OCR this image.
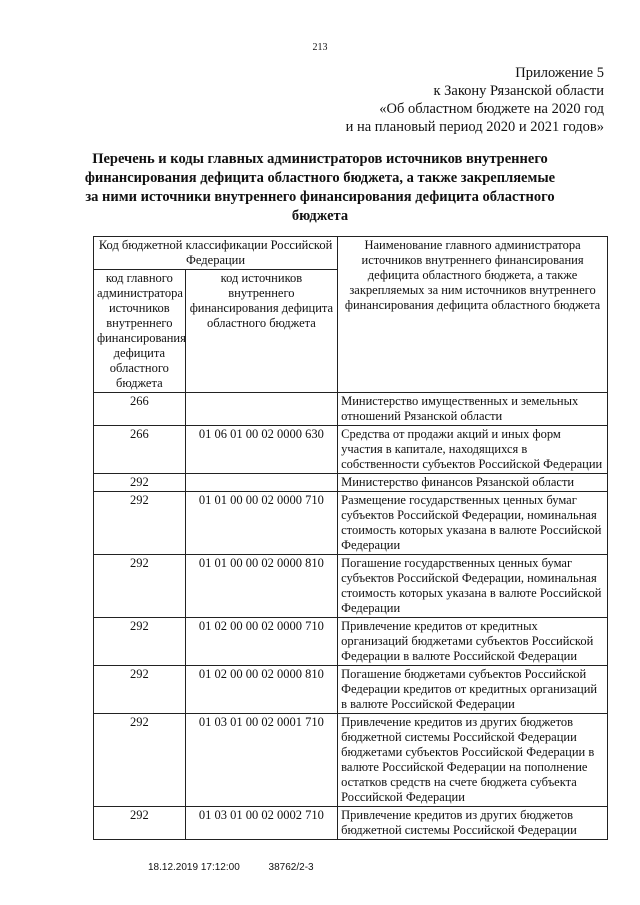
213
Приложение 5
к Закону Рязанской области
«Об областном бюджете на 2020 год
и на плановый период 2020 и 2021 годов»
Перечень и коды главных администраторов источников внутреннего финансирования дефицита областного бюджета, а также закрепляемые за ними источники внутреннего финансирования дефицита областного бюджета
Код бюджетной классификации Российской Федерации		Наименование главного администратора источников внутреннего финансирования дефицита областного бюджета, а также закрепляемых за ним источников внутреннего финансирования дефицита областного бюджета
код главного администратора источников внутреннего финансирования дефицита областного бюджета	код источников внутреннего финансирования дефицита областного бюджета	
266		Министерство имущественных и земельных отношений Рязанской области
266	01 06 01 00 02 0000 630	Средства от продажи акций и иных форм участия в капитале, находящихся в собственности субъектов Российской Федерации
292		Министерство финансов Рязанской области
292	01 01 00 00 02 0000 710	Размещение государственных ценных бумаг субъектов Российской Федерации, номинальная стоимость которых указана в валюте Российской Федерации
292	01 01 00 00 02 0000 810	Погашение государственных ценных бумаг субъектов Российской Федерации, номинальная стоимость которых указана в валюте Российской Федерации
292	01 02 00 00 02 0000 710	Привлечение кредитов от кредитных организаций бюджетами субъектов Российской Федерации в валюте Российской Федерации
292	01 02 00 00 02 0000 810	Погашение бюджетами субъектов Российской Федерации кредитов от кредитных организаций в валюте Российской Федерации
292	01 03 01 00 02 0001 710	Привлечение кредитов из других бюджетов бюджетной системы Российской Федерации бюджетами субъектов Российской Федерации в валюте Российской Федерации на пополнение остатков средств на счете бюджета субъекта Российской Федерации
292	01 03 01 00 02 0002 710	Привлечение кредитов из других бюджетов бюджетной системы Российской Федерации
18.12.2019 17:12:00	38762/2-3
